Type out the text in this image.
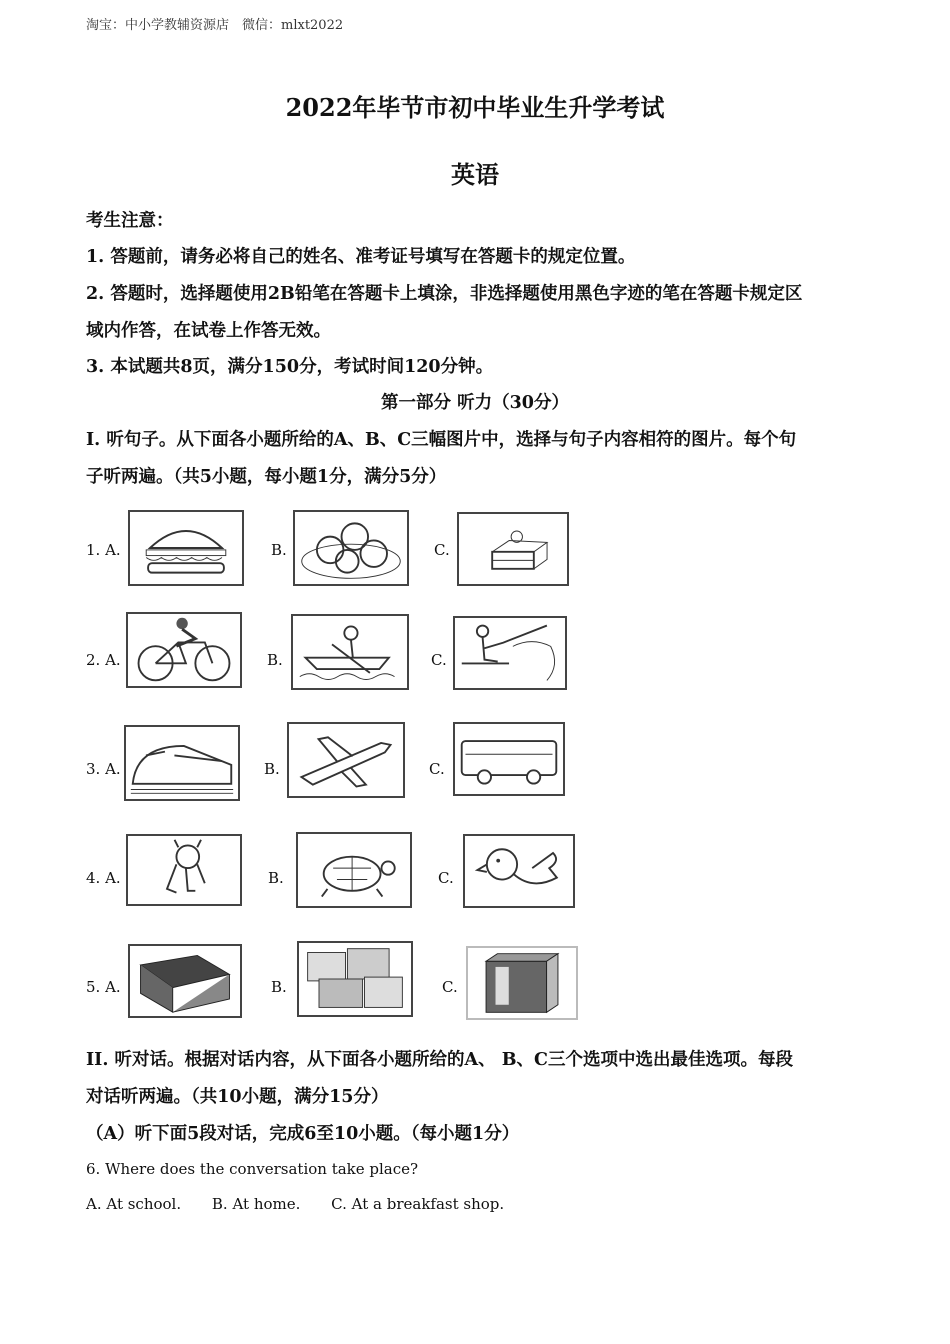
淘宝：中小学教辅资源店　微信：mlxt2022
2022年毕节市初中毕业生升学考试
英语
考生注意：
1. 答题前，请务必将自己的姓名、准考证号填写在答题卡的规定位置。
2. 答题时，选择题使用2B铅笔在答题卡上填涂，非选择题使用黑色字迹的笔在答题卡规定区
域内作答，在试卷上作答无效。
3. 本试题共8页，满分150分，考试时间120分钟。
第一部分 听力（30分）
I. 听句子。从下面各小题所给的A、B、C三幅图片中，选择与句子内容相符的图片。每个句
子听两遍。（共5小题，每小题1分，满分5分）
1. A.	B.	C.
2. A.	B.	C.
3. A.	B.	C.
4. A.	B.	C.
5. A.	B.	C.
II. 听对话。根据对话内容，从下面各小题所给的A、 B、C三个选项中选出最佳选项。每段
对话听两遍。（共10小题，满分15分）
（A）听下面5段对话，完成6至10小题。（每小题1分）
6. Where does the conversation take place?
A. At school. B. At home. C. At a breakfast shop.
